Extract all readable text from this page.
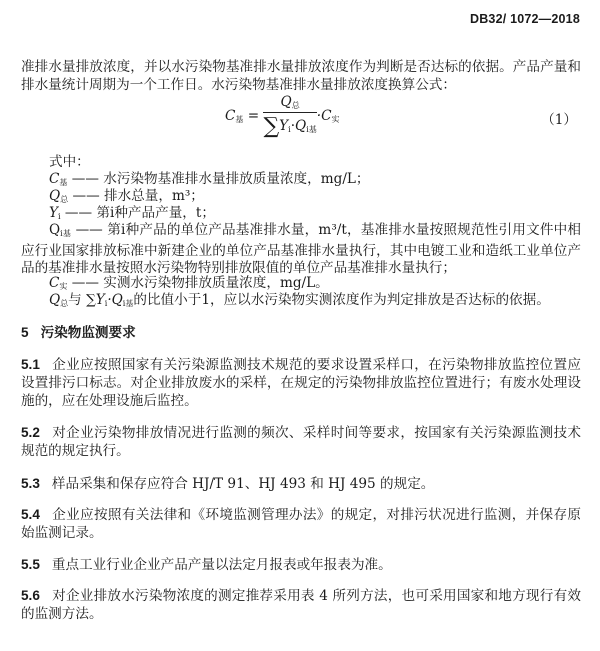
DB32/ 1072—2018
准排水量排放浓度，并以水污染物基准排水量排放浓度作为判断是否达标的依据。产品产量和排水量统计周期为一个工作日。水污染物基准排水量排放浓度换算公式：
$C_基 = \frac{Q_总}{\sum Y_i\cdot Q_{i基}} \cdot C_实$	（1）
式中：
$C_基$ —— 水污染物基准排水量排放质量浓度，mg/L；
$Q_总$ —— 排水总量，m³；
$Y_i$ —— 第i种产品产量，t；
$Q_{i基}$ —— 第i种产品的单位产品基准排水量，m³/t，基准排水量按照规范性引用文件中相应行业国家排放标准中新建企业的单位产品基准排水量执行，其中电镀工业和造纸工业单位产品的基准排水量按照水污染物特别排放限值的单位产品基准排水量执行；
$C_实$ —— 实测水污染物排放质量浓度，mg/L。
$Q_总$与 $\sum Y_i\cdot Q_{i基}$的比值小于1，应以水污染物实测浓度作为判定排放是否达标的依据。
5 污染物监测要求
5.1 企业应按照国家有关污染源监测技术规范的要求设置采样口，在污染物排放监控位置应设置排污口标志。对企业排放废水的采样，在规定的污染物排放监控位置进行；有废水处理设施的，应在处理设施后监控。
5.2 对企业污染物排放情况进行监测的频次、采样时间等要求，按国家有关污染源监测技术规范的规定执行。
5.3 样品采集和保存应符合 HJ/T 91、HJ 493 和 HJ 495 的规定。
5.4 企业应按照有关法律和《环境监测管理办法》的规定，对排污状况进行监测，并保存原始监测记录。
5.5 重点工业行业企业产品产量以法定月报表或年报表为准。
5.6 对企业排放水污染物浓度的测定推荐采用表 4 所列方法，也可采用国家和地方现行有效的监测方法。
